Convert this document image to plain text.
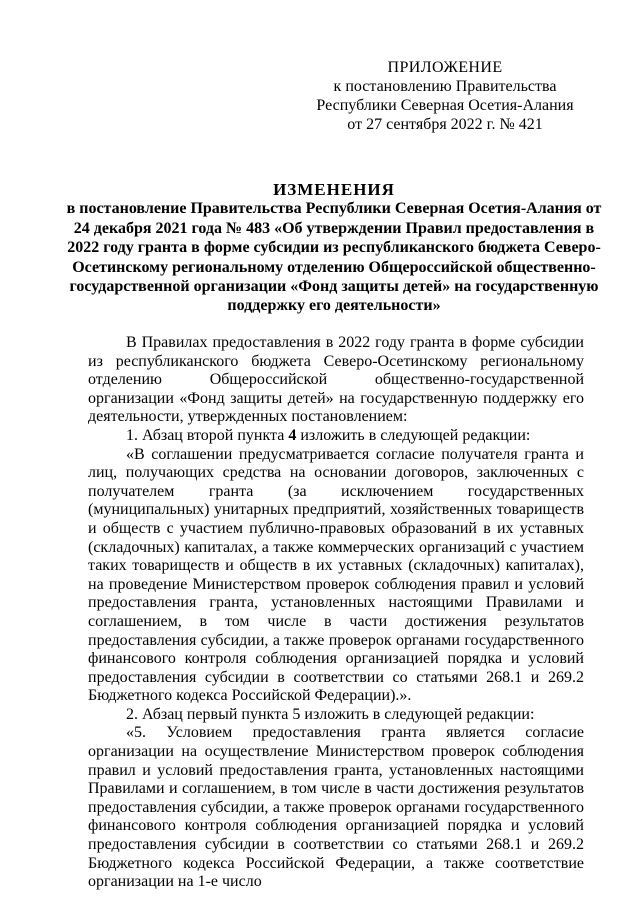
ПРИЛОЖЕНИЕ
к постановлению Правительства
Республики Северная Осетия-Алания
от 27 сентября 2022 г. № 421
ИЗМЕНЕНИЯ
в постановление Правительства Республики Северная Осетия-Алания от 24 декабря 2021 года № 483 «Об утверждении Правил предоставления в 2022 году гранта в форме субсидии из республиканского бюджета Северо-Осетинскому региональному отделению Общероссийской общественно-государственной организации «Фонд защиты детей» на государственную поддержку его деятельности»

В Правилах предоставления в 2022 году гранта в форме субсидии из республиканского бюджета Северо-Осетинскому региональному отделению Общероссийской общественно-государственной организации «Фонд защиты детей» на государственную поддержку его деятельности, утвержденных постановлением:

1. Абзац второй пункта 4 изложить в следующей редакции:

«В соглашении предусматривается согласие получателя гранта и лиц, получающих средства на основании договоров, заключенных с получателем гранта (за исключением государственных (муниципальных) унитарных предприятий, хозяйственных товариществ и обществ с участием публично-правовых образований в их уставных (складочных) капиталах, а также коммерческих организаций с участием таких товариществ и обществ в их уставных (складочных) капиталах), на проведение Министерством проверок соблюдения правил и условий предоставления гранта, установленных настоящими Правилами и соглашением, в том числе в части достижения результатов предоставления субсидии, а также проверок органами государственного финансового контроля соблюдения организацией порядка и условий предоставления субсидии в соответствии со статьями 268.1 и 269.2 Бюджетного кодекса Российской Федерации).».

2. Абзац первый пункта 5 изложить в следующей редакции:

«5. Условием предоставления гранта является согласие организации на осуществление Министерством проверок соблюдения правил и условий предоставления гранта, установленных настоящими Правилами и соглашением, в том числе в части достижения результатов предоставления субсидии, а также проверок органами государственного финансового контроля соблюдения организацией порядка и условий предоставления субсидии в соответствии со статьями 268.1 и 269.2 Бюджетного кодекса Российской Федерации, а также соответствие организации на 1-е число
